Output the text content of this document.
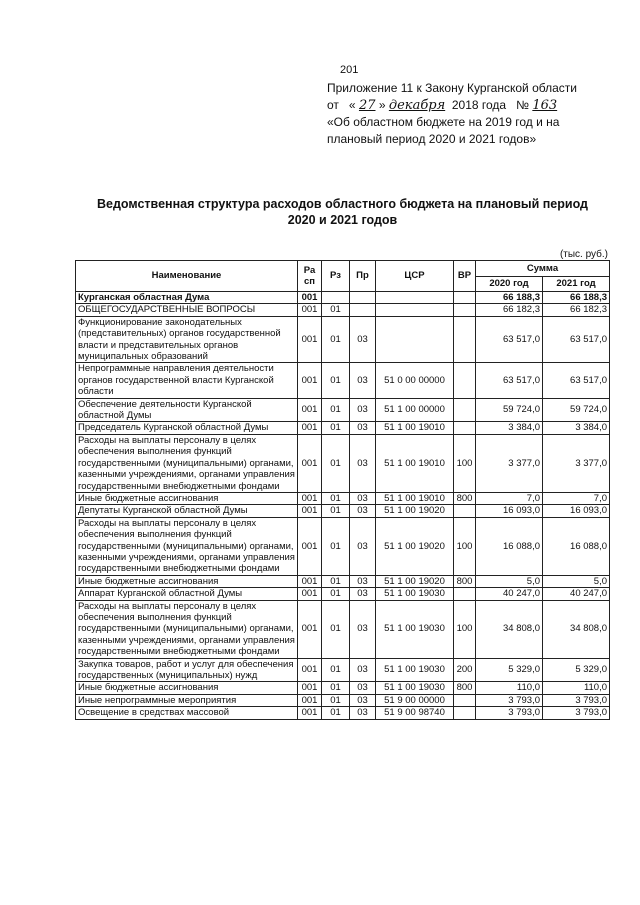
201
Приложение 11 к Закону Курганской области
от « 27 » декабря 2018 года № 163
«Об областном бюджете на 2019 год и на
плановый период 2020 и 2021 годов»
Ведомственная структура расходов областного бюджета на плановый период
2020 и 2021 годов
(тыс. руб.)
Наименование	Ра сп	Рз	Пр	ЦСР	ВР	Сумма	
						2020 год	2021 год
Курганская областная Дума	001					66 188,3	66 188,3
ОБЩЕГОСУДАРСТВЕННЫЕ ВОПРОСЫ	001	01				66 182,3	66 182,3
Функционирование законодательных (представительных) органов государственной власти и представительных органов муниципальных образований	001	01	03			63 517,0	63 517,0
Непрограммные направления деятельности органов государственной власти Курганской области	001	01	03	51 0 00 00000		63 517,0	63 517,0
Обеспечение деятельности Курганской областной Думы	001	01	03	51 1 00 00000		59 724,0	59 724,0
Председатель Курганской областной Думы	001	01	03	51 1 00 19010		3 384,0	3 384,0
Расходы на выплаты персоналу в целях обеспечения выполнения функций государственными (муниципальными) органами, казенными учреждениями, органами управления государственными внебюджетными фондами	001	01	03	51 1 00 19010	100	3 377,0	3 377,0
Иные бюджетные ассигнования	001	01	03	51 1 00 19010	800	7,0	7,0
Депутаты Курганской областной Думы	001	01	03	51 1 00 19020		16 093,0	16 093,0
Расходы на выплаты персоналу в целях обеспечения выполнения функций государственными (муниципальными) органами, казенными учреждениями, органами управления государственными внебюджетными фондами	001	01	03	51 1 00 19020	100	16 088,0	16 088,0
Иные бюджетные ассигнования	001	01	03	51 1 00 19020	800	5,0	5,0
Аппарат Курганской областной Думы	001	01	03	51 1 00 19030		40 247,0	40 247,0
Расходы на выплаты персоналу в целях обеспечения выполнения функций государственными (муниципальными) органами, казенными учреждениями, органами управления государственными внебюджетными фондами	001	01	03	51 1 00 19030	100	34 808,0	34 808,0
Закупка товаров, работ и услуг для обеспечения государственных (муниципальных) нужд	001	01	03	51 1 00 19030	200	5 329,0	5 329,0
Иные бюджетные ассигнования	001	01	03	51 1 00 19030	800	110,0	110,0
Иные непрограммные мероприятия	001	01	03	51 9 00 00000		3 793,0	3 793,0
Освещение в средствах массовой	001	01	03	51 9 00 98740		3 793,0	3 793,0
